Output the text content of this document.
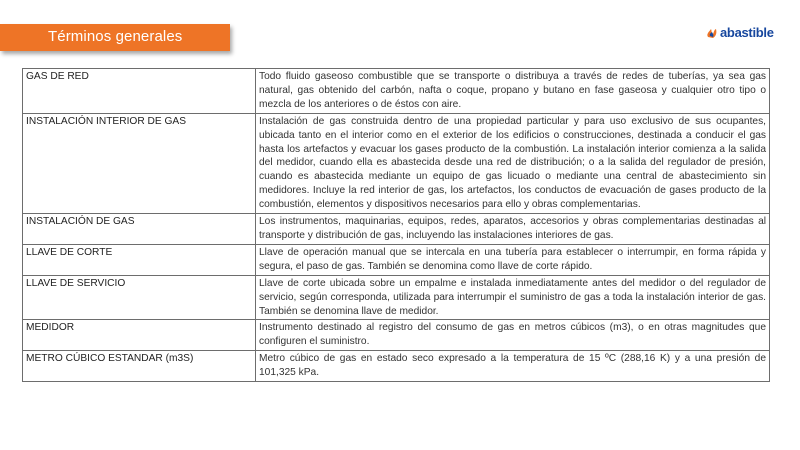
Términos generales	abastible
GAS DE RED	Todo fluido gaseoso combustible que se transporte o distribuya a través de redes de tuberías, ya sea gas natural, gas obtenido del carbón, nafta o coque, propano y butano en fase gaseosa y cualquier otro tipo o mezcla de los anteriores o de éstos con aire.
INSTALACIÓN INTERIOR DE GAS	Instalación de gas construida dentro de una propiedad particular y para uso exclusivo de sus ocupantes, ubicada tanto en el interior como en el exterior de los edificios o construcciones, destinada a conducir el gas hasta los artefactos y evacuar los gases producto de la combustión. La instalación interior comienza a la salida del medidor, cuando ella es abastecida desde una red de distribución; o a la salida del regulador de presión, cuando es abastecida mediante un equipo de gas licuado o mediante una central de abastecimiento sin medidores. Incluye la red interior de gas, los artefactos, los conductos de evacuación de gases producto de la combustión, elementos y dispositivos necesarios para ello y obras complementarias.
INSTALACIÓN DE GAS	Los instrumentos, maquinarias, equipos, redes, aparatos, accesorios y obras complementarias destinadas al transporte y distribución de gas, incluyendo las instalaciones interiores de gas.
LLAVE DE CORTE	Llave de operación manual que se intercala en una tubería para establecer o interrumpir, en forma rápida y segura, el paso de gas. También se denomina como llave de corte rápido.
LLAVE DE SERVICIO	Llave de corte ubicada sobre un empalme e instalada inmediatamente antes del medidor o del regulador de servicio, según corresponda, utilizada para interrumpir el suministro de gas a toda la instalación interior de gas. También se denomina llave de medidor.
MEDIDOR	Instrumento destinado al registro del consumo de gas en metros cúbicos (m3), o en otras magnitudes que configuren el suministro.
METRO CÚBICO ESTANDAR (m3S)	Metro cúbico de gas en estado seco expresado a la temperatura de 15 ºC (288,16 K) y a una presión de 101,325 kPa.
